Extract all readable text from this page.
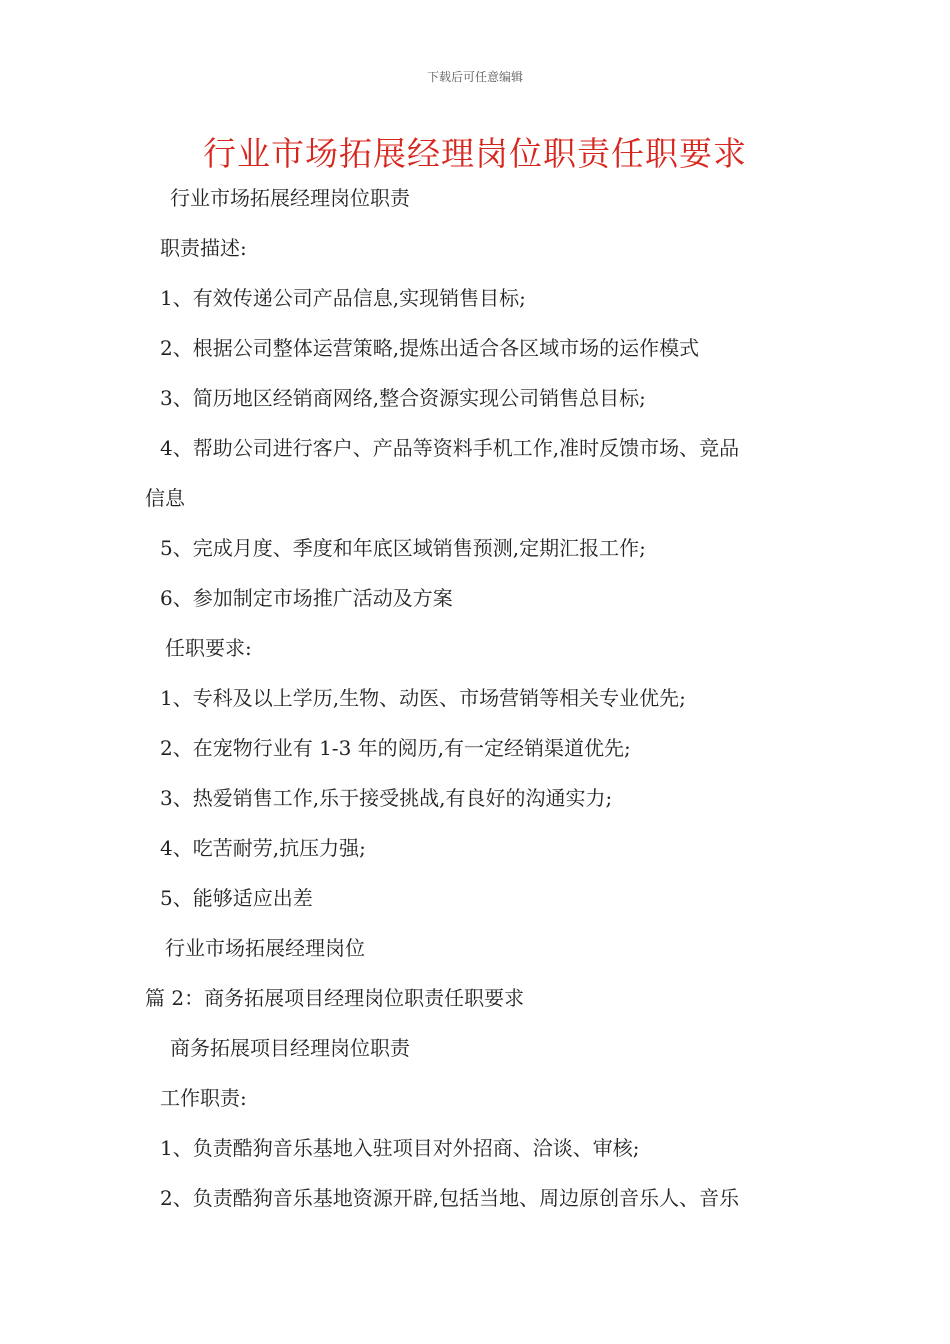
下载后可任意编辑
行业市场拓展经理岗位职责任职要求
行业市场拓展经理岗位职责
职责描述:
1、有效传递公司产品信息,实现销售目标;
2、根据公司整体运营策略,提炼出适合各区域市场的运作模式
3、简历地区经销商网络,整合资源实现公司销售总目标;
4、帮助公司进行客户、产品等资料手机工作,准时反馈市场、竞品
信息
5、完成月度、季度和年底区域销售预测,定期汇报工作;
6、参加制定市场推广活动及方案
任职要求:
1、专科及以上学历,生物、动医、市场营销等相关专业优先;
2、在宠物行业有 1-3 年的阅历,有一定经销渠道优先;
3、热爱销售工作,乐于接受挑战,有良好的沟通实力;
4、吃苦耐劳,抗压力强;
5、能够适应出差
行业市场拓展经理岗位
篇 2：商务拓展项目经理岗位职责任职要求
商务拓展项目经理岗位职责
工作职责:
1、负责酷狗音乐基地入驻项目对外招商、洽谈、审核;
2、负责酷狗音乐基地资源开辟,包括当地、周边原创音乐人、音乐
